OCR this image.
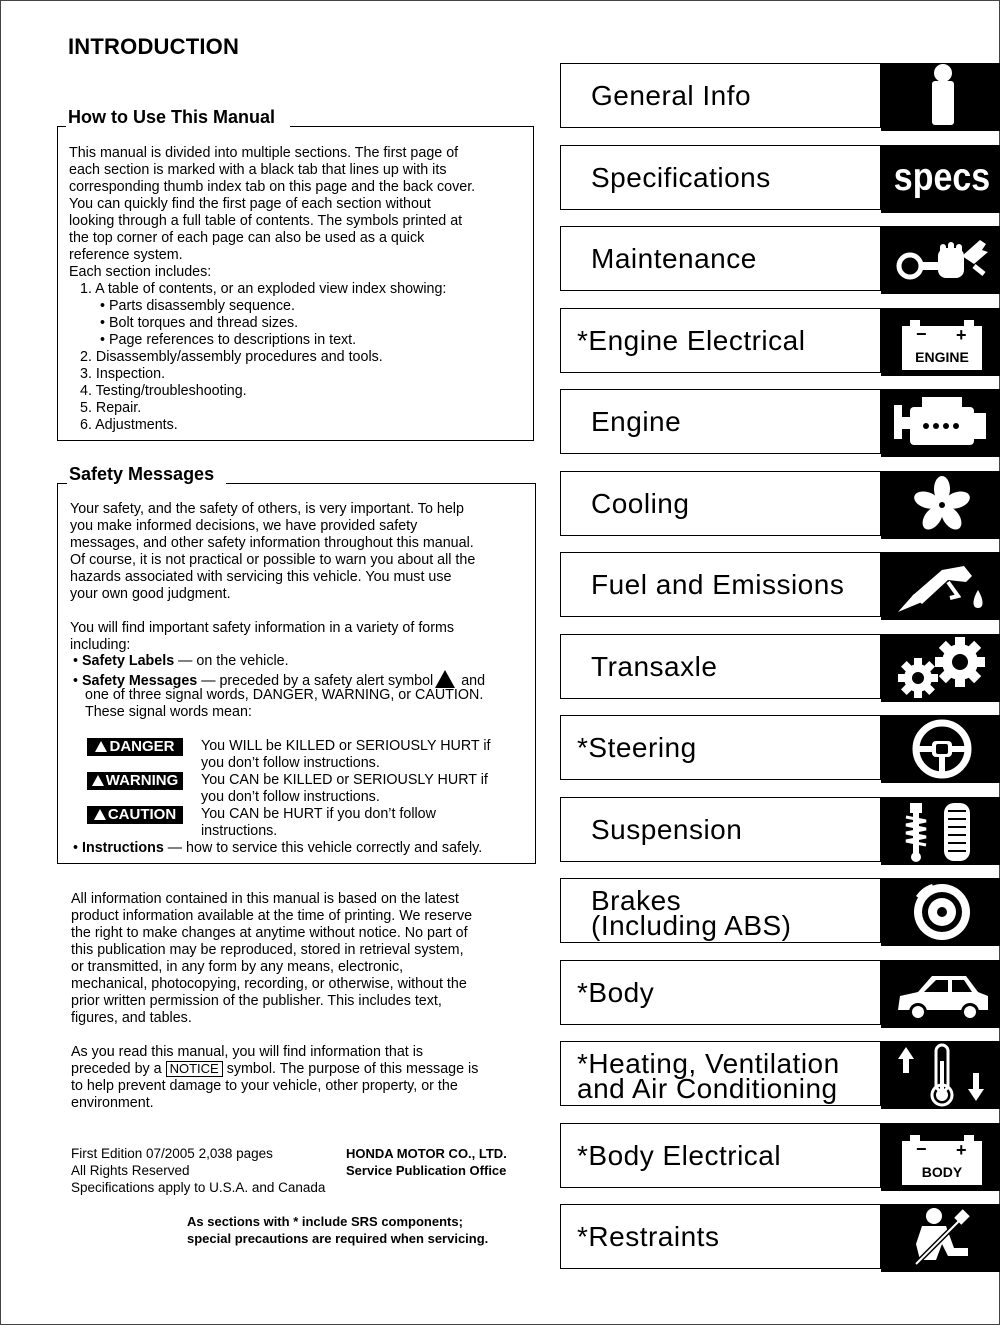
INTRODUCTION
How to Use This Manual
This manual is divided into multiple sections. The first page of
each section is marked with a black tab that lines up with its
corresponding thumb index tab on this page and the back cover.
You can quickly find the first page of each section without
looking through a full table of contents. The symbols printed at
the top corner of each page can also be used as a quick
reference system.
Each section includes:
1. A table of contents, or an exploded view index showing:
• Parts disassembly sequence.
• Bolt torques and thread sizes.
• Page references to descriptions in text.
2. Disassembly/assembly procedures and tools.
3. Inspection.
4. Testing/troubleshooting.
5. Repair.
6. Adjustments.
Safety Messages
Your safety, and the safety of others, is very important. To help
you make informed decisions, we have provided safety
messages, and other safety information throughout this manual.
Of course, it is not practical or possible to warn you about all the
hazards associated with servicing this vehicle. You must use
your own good judgment.
You will find important safety information in a variety of forms
including:
• Safety Labels — on the vehicle.
• Safety Messages — preceded by a safety alert symbol and
one of three signal words, DANGER, WARNING, or CAUTION.
These signal words mean:
DANGER	You WILL be KILLED or SERIOUSLY HURT if
you don’t follow instructions.
WARNING	You CAN be KILLED or SERIOUSLY HURT if
you don’t follow instructions.
CAUTION	You CAN be HURT if you don’t follow
instructions.
• Instructions — how to service this vehicle correctly and safely.
All information contained in this manual is based on the latest
product information available at the time of printing. We reserve
the right to make changes at anytime without notice. No part of
this publication may be reproduced, stored in retrieval system,
or transmitted, in any form by any means, electronic,
mechanical, photocopying, recording, or otherwise, without the
prior written permission of the publisher. This includes text,
figures, and tables.
As you read this manual, you will find information that is
preceded by a NOTICE symbol. The purpose of this message is
to help prevent damage to your vehicle, other property, or the
environment.
First Edition 07/2005 2,038 pages
All Rights Reserved
Specifications apply to U.S.A. and Canada
HONDA MOTOR CO., LTD.
Service Publication Office
As sections with * include SRS components;
special precautions are required when servicing.
General Info
Specifications	specs
Maintenance
*Engine Electrical	− +
ENGINE
Engine
Cooling
Fuel and Emissions
Transaxle
*Steering
Suspension
Brakes
(Including ABS)
*Body
*Heating, Ventilation
and Air Conditioning
*Body Electrical	− +
BODY
*Restraints
